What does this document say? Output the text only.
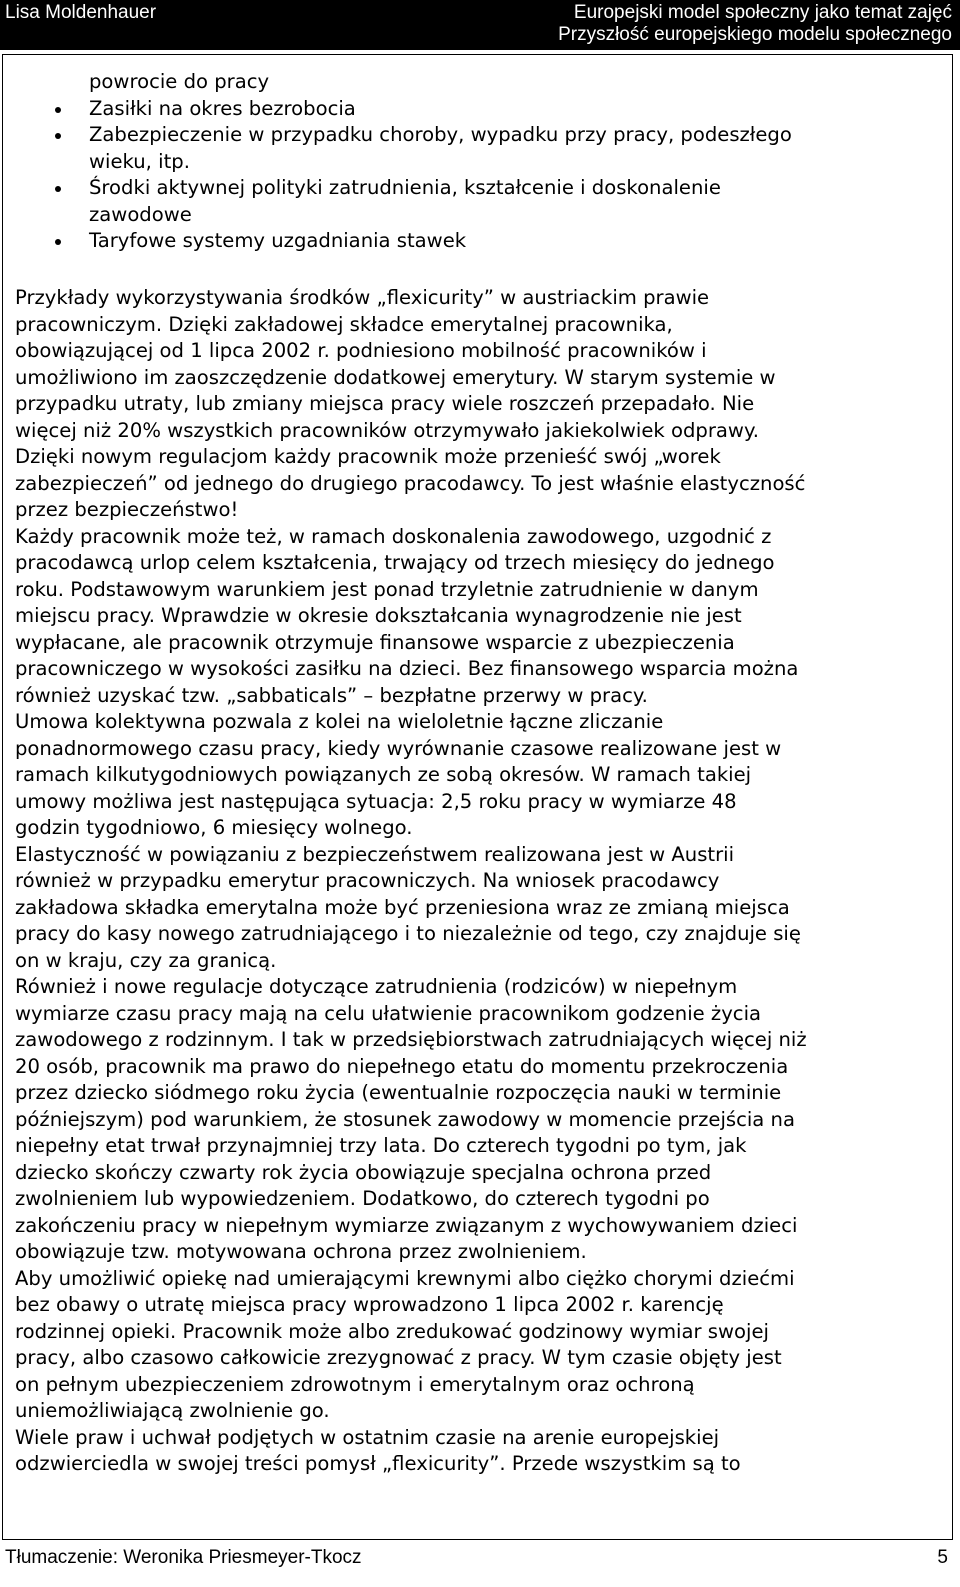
Lisa Moldenhauer	Europejski model społeczny jako temat zajęć
Przyszłość europejskiego modelu społecznego
powrocie do pracy
Zasiłki na okres bezrobocia
Zabezpieczenie w przypadku choroby, wypadku przy pracy, podeszłego
wieku, itp.
Środki aktywnej polityki zatrudnienia, kształcenie i doskonalenie
zawodowe
Taryfowe systemy uzgadniania stawek
Przykłady wykorzystywania środków „flexicurity” w austriackim prawie
pracowniczym. Dzięki zakładowej składce emerytalnej pracownika,
obowiązującej od 1 lipca 2002 r. podniesiono mobilność pracowników i
umożliwiono im zaoszczędzenie dodatkowej emerytury. W starym systemie w
przypadku utraty, lub zmiany miejsca pracy wiele roszczeń przepadało. Nie
więcej niż 20% wszystkich pracowników otrzymywało jakiekolwiek odprawy.
Dzięki nowym regulacjom każdy pracownik może przenieść swój „worek
zabezpieczeń” od jednego do drugiego pracodawcy. To jest właśnie elastyczność
przez bezpieczeństwo!
Każdy pracownik może też, w ramach doskonalenia zawodowego, uzgodnić z
pracodawcą urlop celem kształcenia, trwający od trzech miesięcy do jednego
roku. Podstawowym warunkiem jest ponad trzyletnie zatrudnienie w danym
miejscu pracy. Wprawdzie w okresie dokształcania wynagrodzenie nie jest
wypłacane, ale pracownik otrzymuje finansowe wsparcie z ubezpieczenia
pracowniczego w wysokości zasiłku na dzieci. Bez finansowego wsparcia można
również uzyskać tzw. „sabbaticals” – bezpłatne przerwy w pracy.
Umowa kolektywna pozwala z kolei na wieloletnie łączne zliczanie
ponadnormowego czasu pracy, kiedy wyrównanie czasowe realizowane jest w
ramach kilkutygodniowych powiązanych ze sobą okresów. W ramach takiej
umowy możliwa jest następująca sytuacja: 2,5 roku pracy w wymiarze 48
godzin tygodniowo, 6 miesięcy wolnego.
Elastyczność w powiązaniu z bezpieczeństwem realizowana jest w Austrii
również w przypadku emerytur pracowniczych. Na wniosek pracodawcy
zakładowa składka emerytalna może być przeniesiona wraz ze zmianą miejsca
pracy do kasy nowego zatrudniającego i to niezależnie od tego, czy znajduje się
on w kraju, czy za granicą.
Również i nowe regulacje dotyczące zatrudnienia (rodziców) w niepełnym
wymiarze czasu pracy mają na celu ułatwienie pracownikom godzenie życia
zawodowego z rodzinnym. I tak w przedsiębiorstwach zatrudniających więcej niż
20 osób, pracownik ma prawo do niepełnego etatu do momentu przekroczenia
przez dziecko siódmego roku życia (ewentualnie rozpoczęcia nauki w terminie
późniejszym) pod warunkiem, że stosunek zawodowy w momencie przejścia na
niepełny etat trwał przynajmniej trzy lata. Do czterech tygodni po tym, jak
dziecko skończy czwarty rok życia obowiązuje specjalna ochrona przed
zwolnieniem lub wypowiedzeniem. Dodatkowo, do czterech tygodni po
zakończeniu pracy w niepełnym wymiarze związanym z wychowywaniem dzieci
obowiązuje tzw. motywowana ochrona przez zwolnieniem.
Aby umożliwić opiekę nad umierającymi krewnymi albo ciężko chorymi dziećmi
bez obawy o utratę miejsca pracy wprowadzono 1 lipca 2002 r. karencję
rodzinnej opieki. Pracownik może albo zredukować godzinowy wymiar swojej
pracy, albo czasowo całkowicie zrezygnować z pracy. W tym czasie objęty jest
on pełnym ubezpieczeniem zdrowotnym i emerytalnym oraz ochroną
uniemożliwiającą zwolnienie go.
Wiele praw i uchwał podjętych w ostatnim czasie na arenie europejskiej
odzwierciedla w swojej treści pomysł „flexicurity”. Przede wszystkim są to
Tłumaczenie: Weronika Priesmeyer-Tkocz	5
